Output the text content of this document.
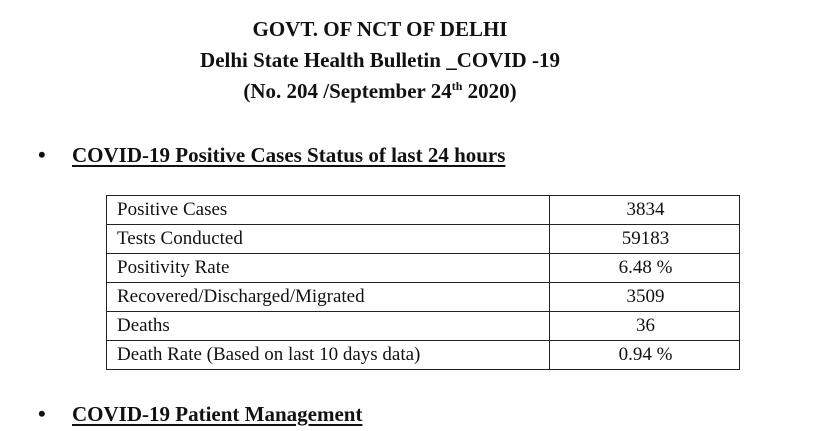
GOVT. OF NCT OF DELHI
Delhi State Health Bulletin _COVID -19
(No. 204 /September 24th 2020)
• COVID-19 Positive Cases Status of last 24 hours
Positive Cases	3834
Tests Conducted	59183
Positivity Rate	6.48 %
Recovered/Discharged/Migrated	3509
Deaths	36
Death Rate (Based on last 10 days data)	0.94 %
• COVID-19 Patient Management
